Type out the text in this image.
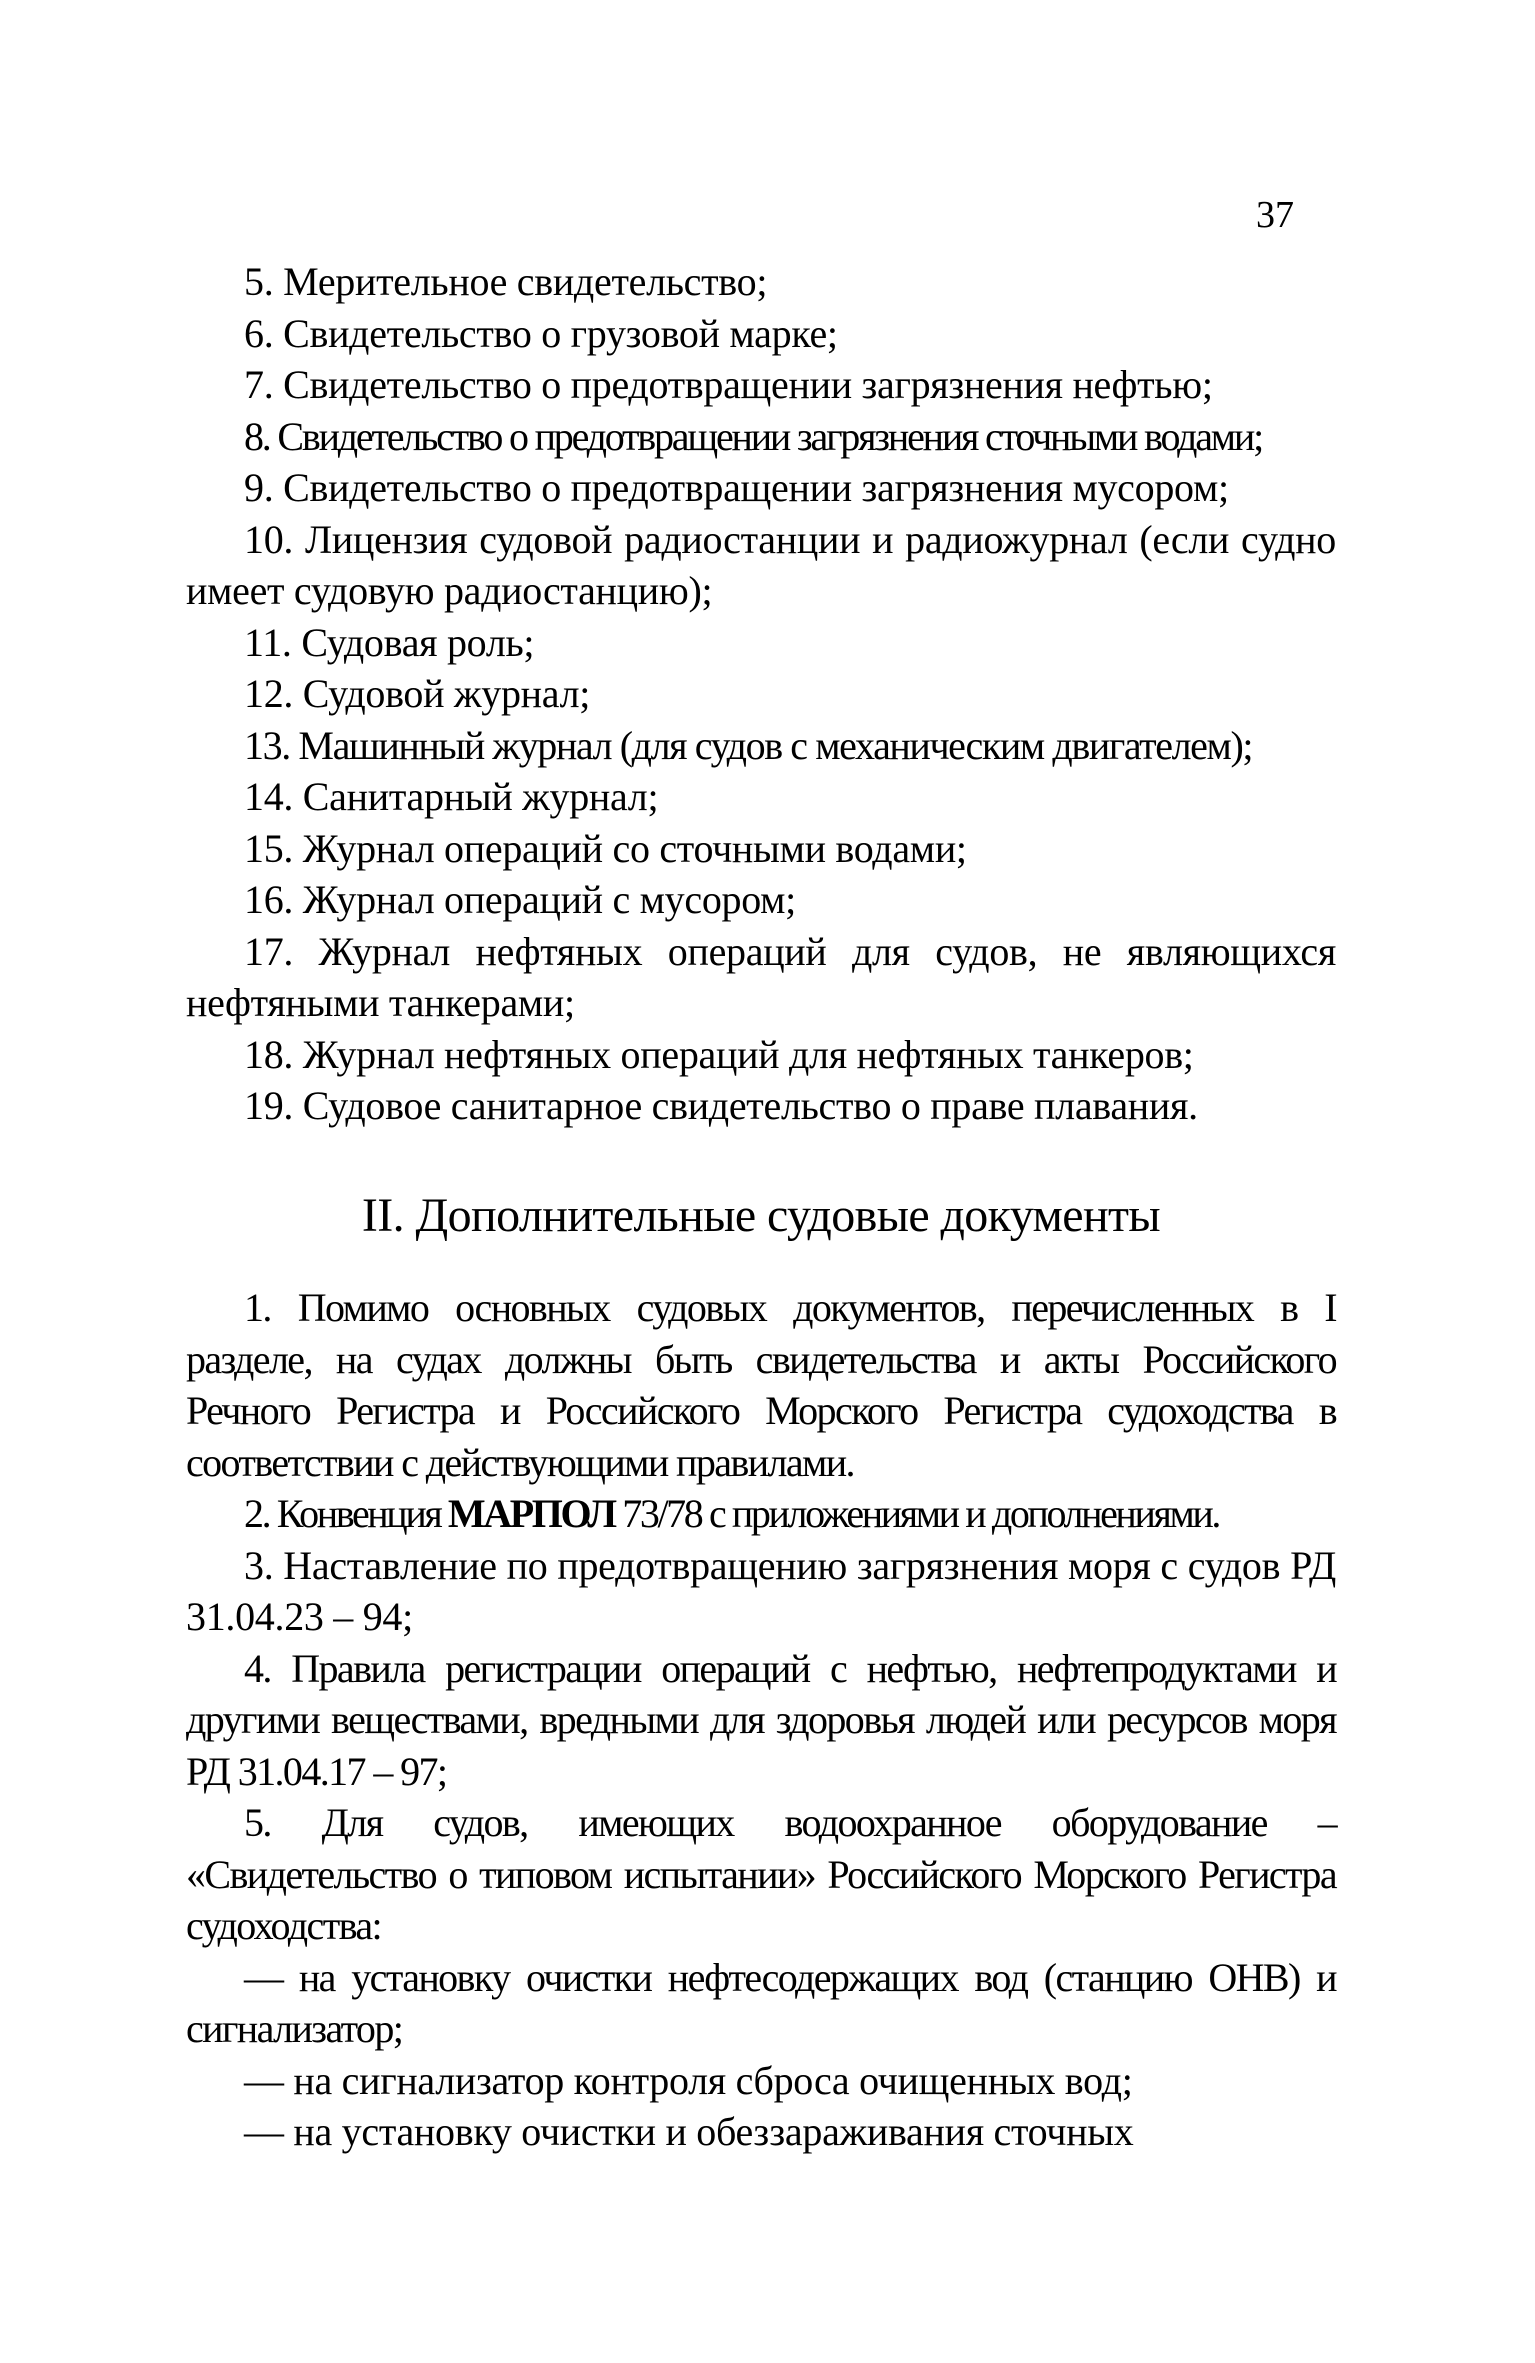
37
5. Мерительное свидетельство;
6. Свидетельство о грузовой марке;
7. Свидетельство о предотвращении загрязнения нефтью;
8. Свидетельство о предотвращении загрязнения сточными водами;
9. Свидетельство о предотвращении загрязнения мусором;
10. Лицензия судовой радиостанции и радиожурнал (если судно имеет судовую радиостанцию);
11. Судовая роль;
12. Судовой журнал;
13. Машинный журнал (для судов с механическим двигателем);
14. Санитарный журнал;
15. Журнал операций со сточными водами;
16. Журнал операций с мусором;
17. Журнал нефтяных операций для судов, не являющихся нефтяными танкерами;
18. Журнал нефтяных операций для нефтяных танкеров;
19. Судовое санитарное свидетельство о праве плавания.
II. Дополнительные судовые документы

1. Помимо основных судовых документов, перечисленных в I разделе, на судах должны быть свидетельства и акты Российского Речного Регистра и Российского Морского Регистра судоходства в соответствии с действующими правилами.

2. Конвенция МАРПОЛ 73/78 с приложениями и дополнениями.

3. Наставление по предотвращению загрязнения моря с судов РД 31.04.23 – 94;

4. Правила регистрации операций с нефтью, нефтепродуктами и другими веществами, вредными для здоровья людей или ресурсов моря РД 31.04.17 – 97;

5. Для судов, имеющих водоохранное оборудование – «Свидетельство о типовом испытании» Российского Морского Регистра судоходства:

— на установку очистки нефтесодержащих вод (станцию ОНВ) и сигнализатор;

— на сигнализатор контроля сброса очищенных вод;

— на установку очистки и обеззараживания сточных
